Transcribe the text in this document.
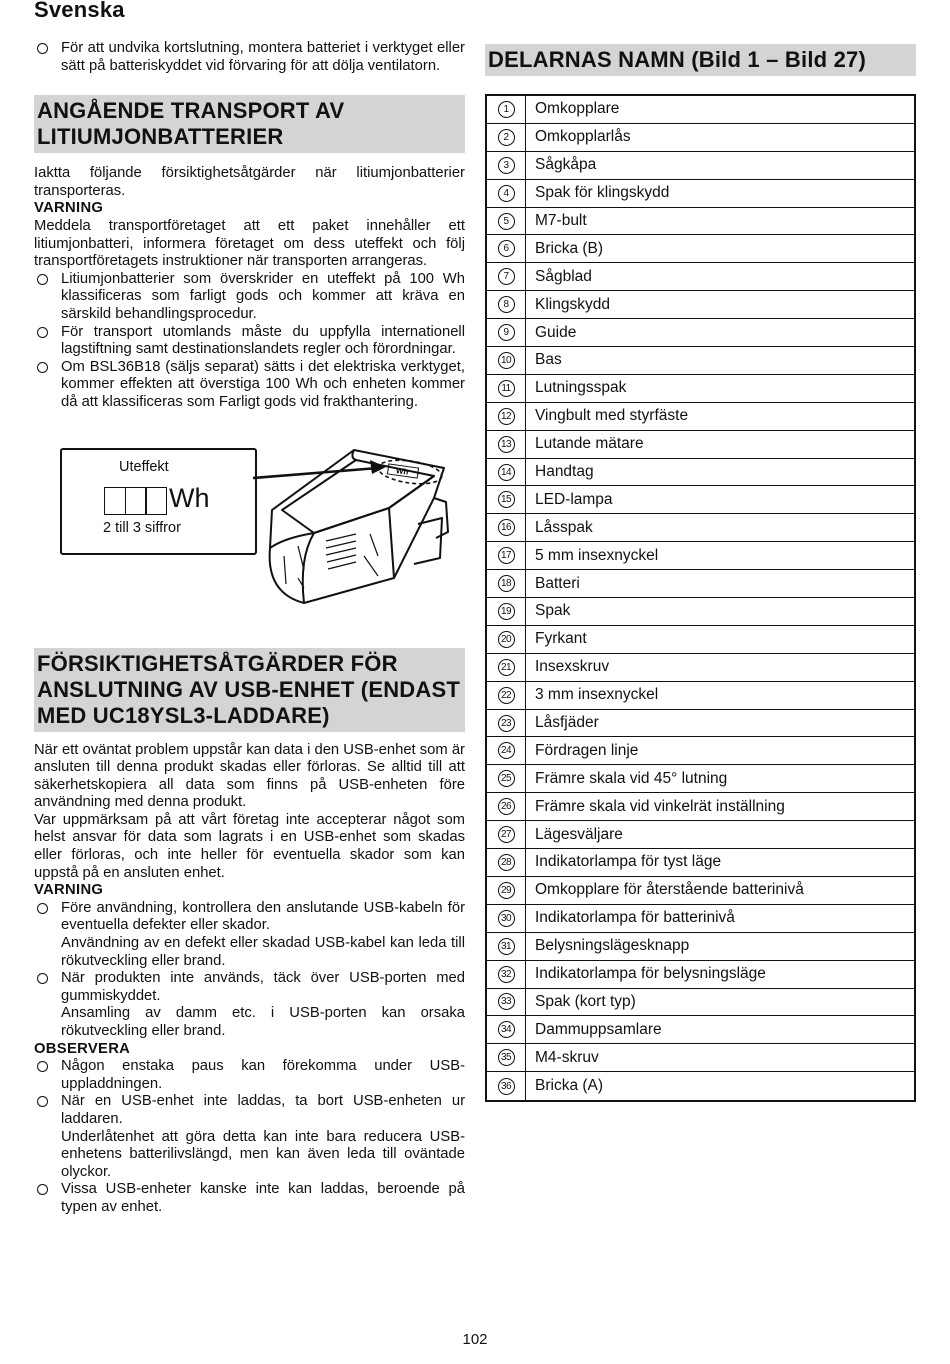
Svenska
För att undvika kortslutning, montera batteriet i verktyget eller sätt på batteriskyddet vid förvaring för att dölja ventilatorn.
ANGÅENDE TRANSPORT AV LITIUMJONBATTERIER
Iaktta följande försiktighetsåtgärder när litiumjonbatterier transporteras.
VARNING
Meddela transportföretaget att ett paket innehåller ett litiumjonbatteri, informera företaget om dess uteffekt och följ transportföretagets instruktioner när transporten arrangeras.
Litiumjonbatterier som överskrider en uteffekt på 100 Wh klassificeras som farligt gods och kommer att kräva en särskild behandlingsprocedur.
För transport utomlands måste du uppfylla internationell lagstiftning samt destinationslandets regler och förordningar.
Om BSL36B18 (säljs separat) sätts i det elektriska verktyget, kommer effekten att överstiga 100 Wh och enheten kommer då att klassificeras som Farligt gods vid frakthantering.
Wh
Uteffekt
Wh
2 till 3 siffror
FÖRSIKTIGHETSÅTGÄRDER FÖR ANSLUTNING AV USB-ENHET (ENDAST MED UC18YSL3-LADDARE)
När ett oväntat problem uppstår kan data i den USB-enhet som är ansluten till denna produkt skadas eller förloras. Se alltid till att säkerhetskopiera all data som finns på USB-enheten före användning med denna produkt.
Var uppmärksam på att vårt företag inte accepterar något som helst ansvar för data som lagrats i en USB-enhet som skadas eller förloras, och inte heller för eventuella skador som kan uppstå på en ansluten enhet.
VARNING
Före användning, kontrollera den anslutande USB-kabeln för eventuella defekter eller skador.
Användning av en defekt eller skadad USB-kabel kan leda till rökutveckling eller brand.
När produkten inte används, täck över USB-porten med gummiskyddet.
Ansamling av damm etc. i USB-porten kan orsaka rökutveckling eller brand.
OBSERVERA
Någon enstaka paus kan förekomma under USB-uppladdningen.
När en USB-enhet inte laddas, ta bort USB-enheten ur laddaren.
Underlåtenhet att göra detta kan inte bara reducera USB-enhetens batterilivslängd, men kan även leda till oväntade olyckor.
Vissa USB-enheter kanske inte kan laddas, beroende på typen av enhet.
DELARNAS NAMN (Bild 1 – Bild 27)
1	Omkopplare
2	Omkopplarlås
3	Sågkåpa
4	Spak för klingskydd
5	M7-bult
6	Bricka (B)
7	Sågblad
8	Klingskydd
9	Guide
10	Bas
11	Lutningsspak
12	Vingbult med styrfäste
13	Lutande mätare
14	Handtag
15	LED-lampa
16	Låsspak
17	5 mm insexnyckel
18	Batteri
19	Spak
20	Fyrkant
21	Insexskruv
22	3 mm insexnyckel
23	Låsfjäder
24	Fördragen linje
25	Främre skala vid 45° lutning
26	Främre skala vid vinkelrät inställning
27	Lägesväljare
28	Indikatorlampa för tyst läge
29	Omkopplare för återstående batterinivå
30	Indikatorlampa för batterinivå
31	Belysningslägesknapp
32	Indikatorlampa för belysningsläge
33	Spak (kort typ)
34	Dammuppsamlare
35	M4-skruv
36	Bricka (A)
102
